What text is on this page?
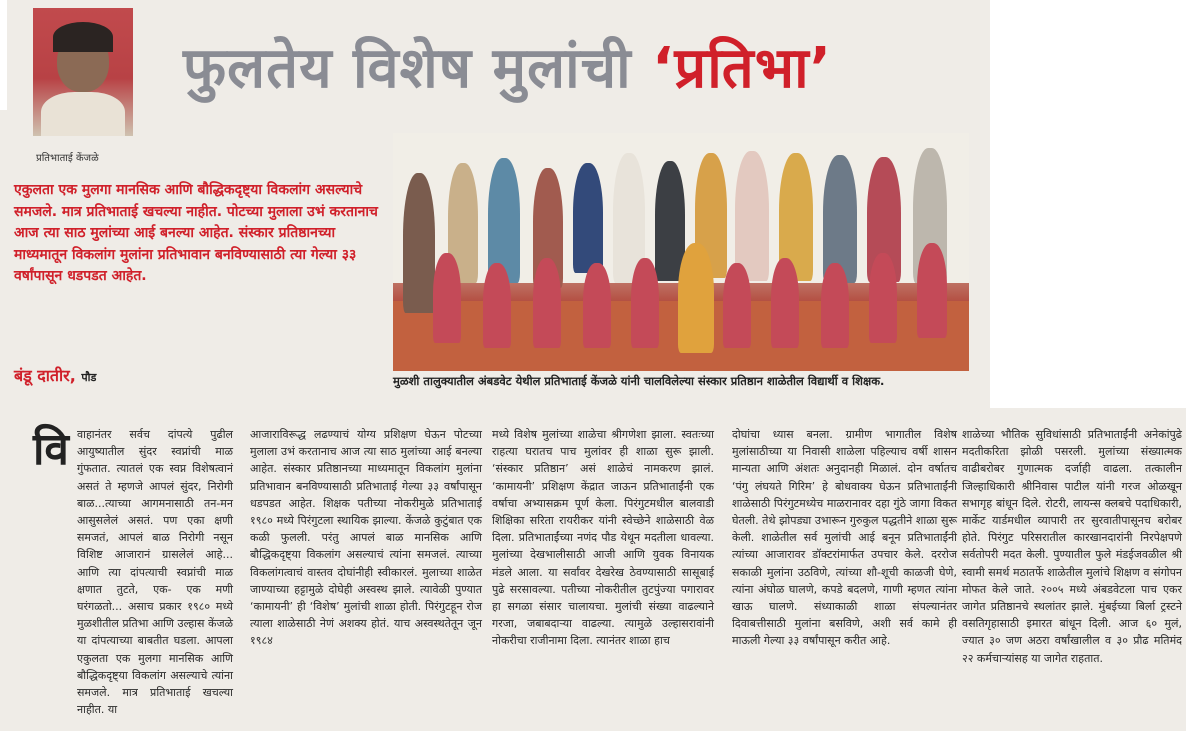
प्रतिभाताई केंजळे
फुलतेय विशेष मुलांची ‘प्रतिभा’
एकुलता एक मुलगा मानसिक आणि बौद्धिकदृष्ट्या विकलांग असल्याचे समजले. मात्र प्रतिभाताई खचल्या नाहीत. पोटच्या मुलाला उभं करतानाच आज त्या साठ मुलांच्या आई बनल्या आहेत. संस्कार प्रतिष्ठानच्या माध्यमातून विकलांग मुलांना प्रतिभावान बनविण्यासाठी त्या गेल्या ३३ वर्षांपासून धडपडत आहेत.
बंडू दातीर, पौड	मुळशी तालुक्यातील अंबडवेट येथील प्रतिभाताई केंजळे यांनी चालविलेल्या संस्कार प्रतिष्ठान शाळेतील विद्यार्थी व शिक्षक.
वि वाहानंतर सर्वच दांपत्ये पुढील आयुष्यातील सुंदर स्वप्नांची माळ गुंफतात. त्यातलं एक स्वप्न विशेषत्वानं असतं ते म्हणजे आपलं सुंदर, निरोगी बाळ...त्याच्या आगमनासाठी तन-मन आसुसलेलं असतं. पण एका क्षणी समजतं, आपलं बाळ निरोगी नसून विशिष्ट आजारानं ग्रासलेलं आहे... आणि त्या दांपत्याची स्वप्नांची माळ क्षणात तुटते, एक- एक मणी घरंगळतो... असाच प्रकार १९८० मध्ये मुळशीतील प्रतिभा आणि उल्हास केंजळे या दांपत्याच्या बाबतीत घडला. आपला एकुलता एक मुलगा मानसिक आणि बौद्धिकदृष्ट्या विकलांग असल्याचे त्यांना समजले. मात्र प्रतिभाताई खचल्या नाहीत. या

आजाराविरूद्ध लढण्याचं योग्य प्रशिक्षण घेऊन पोटच्या मुलाला उभं करतानाच आज त्या साठ मुलांच्या आई बनल्या आहेत. संस्कार प्रतिष्ठानच्या माध्यमातून विकलांग मुलांना प्रतिभावान बनविण्यासाठी प्रतिभाताई गेल्या ३३ वर्षांपासून धडपडत आहेत. शिक्षक पतीच्या नोकरीमुळे प्रतिभाताई १९८० मध्ये पिरंगुटला स्थायिक झाल्या. केंजळे कुटुंबात एक कळी फुलली. परंतु आपलं बाळ मानसिक आणि बौद्धिकदृष्ट्या विकलांग असल्याचं त्यांना समजलं. त्याच्या विकलांगत्वाचं वास्तव दोघांनीही स्वीकारलं. मुलाच्या शाळेत जाण्याच्या हट्टामुळे दोघेही अस्वस्थ झाले. त्यावेळी पुण्यात ‘कामायनी’ ही ‘विशेष’ मुलांची शाळा होती. पिरंगुटहून रोज त्याला शाळेसाठी नेणं अशक्य होतं. याच अस्वस्थतेतून जून १९८४

मध्ये विशेष मुलांच्या शाळेचा श्रीगणेशा झाला. स्वतःच्या राहत्या घरातच पाच मुलांवर ही शाळा सुरू झाली. ‘संस्कार प्रतिष्ठान’ असं शाळेचं नामकरण झालं. ‘कामायनी’ प्रशिक्षण केंद्रात जाऊन प्रतिभाताईंनी एक वर्षाचा अभ्यासक्रम पूर्ण केला. पिरंगुटमधील बालवाडी शिक्षिका सरिता रायरीकर यांनी स्वेच्छेने शाळेसाठी वेळ दिला. प्रतिभाताईंच्या नणंद पौड येथून मदतीला धावल्या. मुलांच्या देखभालीसाठी आजी आणि युवक विनायक मंडले आला. या सर्वांवर देखरेख ठेवण्यासाठी सासूबाई पुढे सरसावल्या. पतीच्या नोकरीतील तुटपुंज्या पगारावर हा सगळा संसार चालायचा. मुलांची संख्या वाढल्याने गरजा, जबाबदाऱ्या वाढल्या. त्यामुळे उल्हासरावांनी नोकरीचा राजीनामा दिला. त्यानंतर शाळा हाच

दोघांचा ध्यास बनला. ग्रामीण भागातील विशेष मुलांसाठीच्या या निवासी शाळेला पहिल्याच वर्षी शासन मान्यता आणि अंशतः अनुदानही मिळालं. दोन वर्षातच ‘पंगु लंघयते गिरिम’ हे बोधवाक्य घेऊन प्रतिभाताईंनी शाळेसाठी पिरंगुटमध्येच माळरानावर दहा गुंठे जागा विकत घेतली. तेथे झोपड्या उभारून गुरुकुल पद्धतीने शाळा सुरू केली. शाळेतील सर्व मुलांची आई बनून प्रतिभाताईंनी त्यांच्या आजारावर डॉक्टरांमार्फत उपचार केले. दररोज सकाळी मुलांना उठविणे, त्यांच्या शौ-शूची काळजी घेणे, त्यांना अंघोळ घालणे, कपडे बदलणे, गाणी म्हणत त्यांना खाऊ घालणे. संध्याकाळी शाळा संपल्यानंतर दिवाबत्तीसाठी मुलांना बसविणे, अशी सर्व कामे ही माऊली गेल्या ३३ वर्षांपासून करीत आहे.

शाळेच्या भौतिक सुविधांसाठी प्रतिभाताईंनी अनेकांपुढे मदतीकरिता झोळी पसरली. मुलांच्या संख्यात्मक वाढीबरोबर गुणात्मक दर्जाही वाढला. तत्कालीन जिल्हाधिकारी श्रीनिवास पाटील यांनी गरज ओळखून सभागृह बांधून दिले. रोटरी, लायन्स क्लबचे पदाधिकारी, मार्केट यार्डमधील व्यापारी तर सुरवातीपासूनच बरोबर होते. पिरंगुट परिसरातील कारखानदारांनी निरपेक्षपणे सर्वतोपरी मदत केली. पुण्यातील फुले मंडईजवळील श्री स्वामी समर्थ मठातर्फे शाळेतील मुलांचे शिक्षण व संगोपन मोफत केले जाते. २००५ मध्ये अंबडवेटला पाच एकर जागेत प्रतिष्ठानचे स्थलांतर झाले. मुंबईच्या बिर्ला ट्रस्टने वसतिगृहासाठी इमारत बांधून दिली. आज ६० मुलं, ज्यात ३० जण अठरा वर्षांखालील व ३० प्रौढ मतिमंद २२ कर्मचाऱ्यांसह या जागेत राहतात.
